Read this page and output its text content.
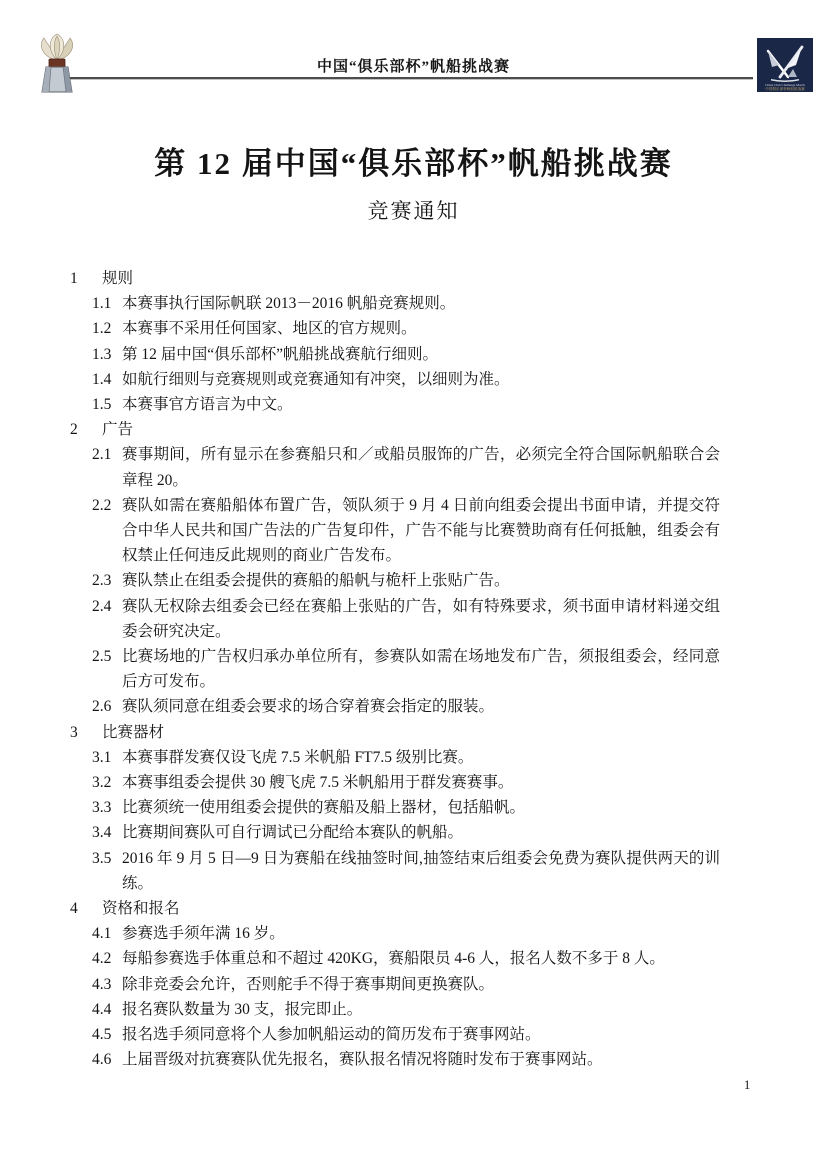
中国“俱乐部杯”帆船挑战赛
China Club Challenge Match
中国俱乐部杯帆船挑战赛
第 12 届中国“俱乐部杯”帆船挑战赛
竞赛通知
1	规则
1.1 本赛事执行国际帆联 2013－2016 帆船竞赛规则。
1.2 本赛事不采用任何国家、地区的官方规则。
1.3 第 12 届中国“俱乐部杯”帆船挑战赛航行细则。
1.4 如航行细则与竞赛规则或竞赛通知有冲突，以细则为准。
1.5 本赛事官方语言为中文。
2	广告
2.1 赛事期间，所有显示在参赛船只和／或船员服饰的广告，必须完全符合国际帆船联合会章程 20。
2.2 赛队如需在赛船船体布置广告，领队须于 9 月 4 日前向组委会提出书面申请，并提交符合中华人民共和国广告法的广告复印件，广告不能与比赛赞助商有任何抵触，组委会有权禁止任何违反此规则的商业广告发布。
2.3 赛队禁止在组委会提供的赛船的船帆与桅杆上张贴广告。
2.4 赛队无权除去组委会已经在赛船上张贴的广告，如有特殊要求，须书面申请材料递交组委会研究决定。
2.5 比赛场地的广告权归承办单位所有，参赛队如需在场地发布广告，须报组委会，经同意后方可发布。
2.6 赛队须同意在组委会要求的场合穿着赛会指定的服装。
3	比赛器材
3.1 本赛事群发赛仅设飞虎 7.5 米帆船 FT7.5 级别比赛。
3.2 本赛事组委会提供 30 艘飞虎 7.5 米帆船用于群发赛赛事。
3.3 比赛须统一使用组委会提供的赛船及船上器材，包括船帆。
3.4 比赛期间赛队可自行调试已分配给本赛队的帆船。
3.5 2016 年 9 月 5 日—9 日为赛船在线抽签时间,抽签结束后组委会免费为赛队提供两天的训练。
4	资格和报名
4.1 参赛选手须年满 16 岁。
4.2 每船参赛选手体重总和不超过 420KG，赛船限员 4-6 人，报名人数不多于 8 人。
4.3 除非竞委会允许，否则舵手不得于赛事期间更换赛队。
4.4 报名赛队数量为 30 支，报完即止。
4.5 报名选手须同意将个人参加帆船运动的简历发布于赛事网站。
4.6 上届晋级对抗赛赛队优先报名，赛队报名情况将随时发布于赛事网站。
1
